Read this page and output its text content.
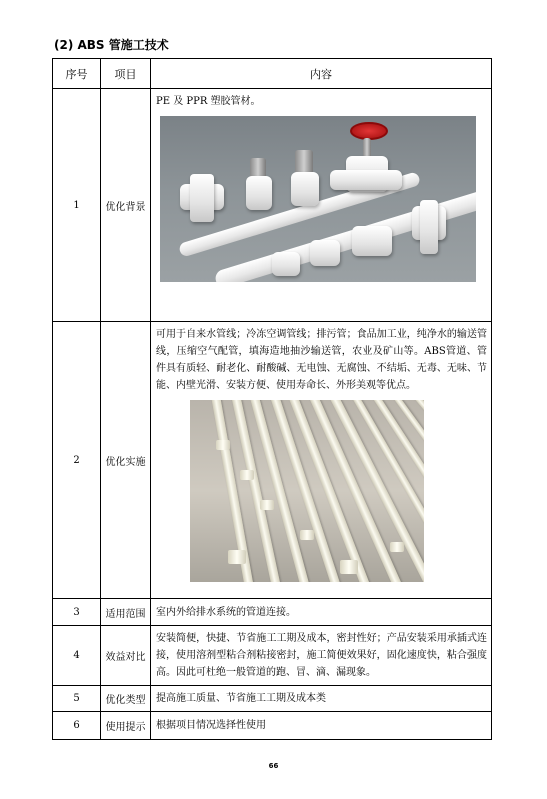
(2) ABS 管施工技术
序号	项目	内容
1	优化背景	PE 及 PPR 塑胶管材。

2	优化实施	可用于自来水管线；冷冻空调管线；排污管；食品加工业，纯净水的输送管线，压缩空气配管，填海造地抽沙输送管，农业及矿山等。ABS管道、管件具有质轻、耐老化、耐酸碱、无电蚀、无腐蚀、不结垢、无毒、无味、节能、内壁光滑、安装方便、使用寿命长、外形美观等优点。

3	适用范围	室内外给排水系统的管道连接。

4	效益对比	安装简便，快捷、节省施工工期及成本，密封性好；产品安装采用承插式连接，使用溶剂型粘合剂粘接密封，施工简便效果好，固化速度快，粘合强度高。因此可杜绝一般管道的跑、冒、滴、漏现象。

5	优化类型	提高施工质量、节省施工工期及成本类

6	使用提示	根据项目情况选择性使用

66
